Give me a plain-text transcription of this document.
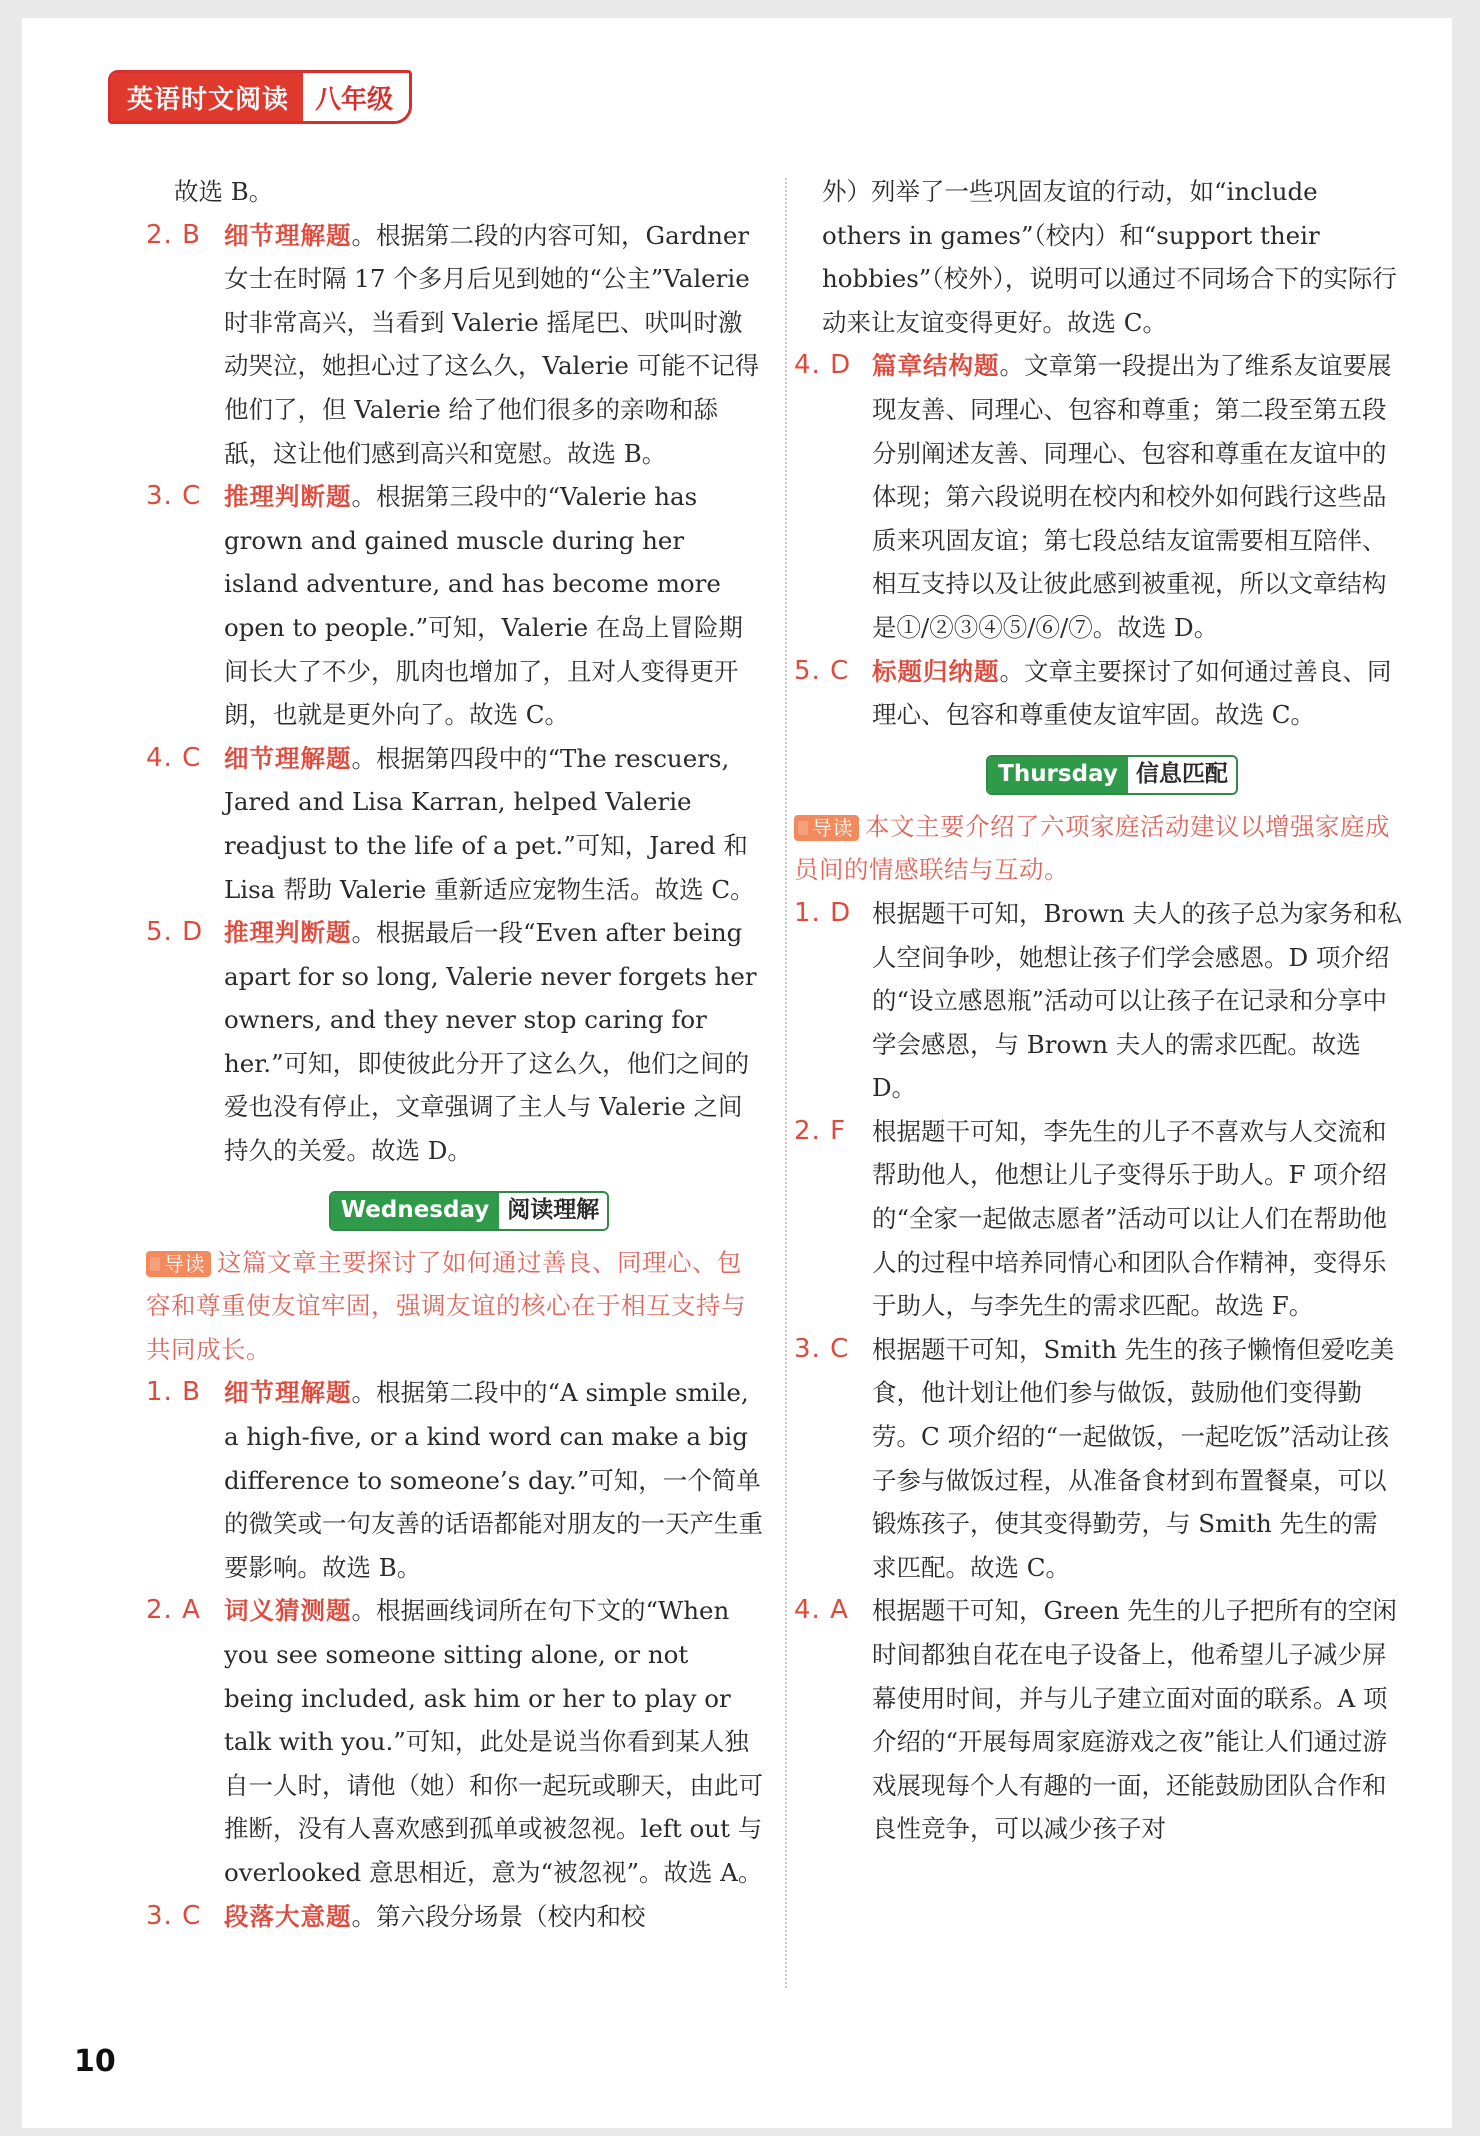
英语时文阅读	八年级
故选 B。
2. B 细节理解题。根据第二段的内容可知，Gardner 女士在时隔 17 个多月后见到她的“公主”Valerie 时非常高兴，当看到 Valerie 摇尾巴、吠叫时激动哭泣，她担心过了这么久，Valerie 可能不记得他们了，但 Valerie 给了他们很多的亲吻和舔舐，这让他们感到高兴和宽慰。故选 B。
3. C 推理判断题。根据第三段中的“Valerie has grown and gained muscle during her island adventure, and has become more open to people.”可知，Valerie 在岛上冒险期间长大了不少，肌肉也增加了，且对人变得更开朗，也就是更外向了。故选 C。
4. C 细节理解题。根据第四段中的“The rescuers, Jared and Lisa Karran, helped Valerie readjust to the life of a pet.”可知，Jared 和 Lisa 帮助 Valerie 重新适应宠物生活。故选 C。
5. D 推理判断题。根据最后一段“Even after being apart for so long, Valerie never forgets her owners, and they never stop caring for her.”可知，即使彼此分开了这么久，他们之间的爱也没有停止，文章强调了主人与 Valerie 之间持久的关爱。故选 D。
Wednesday 阅读理解
导读 这篇文章主要探讨了如何通过善良、同理心、包容和尊重使友谊牢固，强调友谊的核心在于相互支持与共同成长。
1. B 细节理解题。根据第二段中的“A simple smile, a high-five, or a kind word can make a big difference to someone’s day.”可知，一个简单的微笑或一句友善的话语都能对朋友的一天产生重要影响。故选 B。
2. A 词义猜测题。根据画线词所在句下文的“When you see someone sitting alone, or not being included, ask him or her to play or talk with you.”可知，此处是说当你看到某人独自一人时，请他（她）和你一起玩或聊天，由此可推断，没有人喜欢感到孤单或被忽视。left out 与 overlooked 意思相近，意为“被忽视”。故选 A。
3. C 段落大意题。第六段分场景（校内和校
外）列举了一些巩固友谊的行动，如“include others in games”（校内）和“support their hobbies”（校外），说明可以通过不同场合下的实际行动来让友谊变得更好。故选 C。
4. D 篇章结构题。文章第一段提出为了维系友谊要展现友善、同理心、包容和尊重；第二段至第五段分别阐述友善、同理心、包容和尊重在友谊中的体现；第六段说明在校内和校外如何践行这些品质来巩固友谊；第七段总结友谊需要相互陪伴、相互支持以及让彼此感到被重视，所以文章结构是①/②③④⑤/⑥/⑦。故选 D。
5. C 标题归纳题。文章主要探讨了如何通过善良、同理心、包容和尊重使友谊牢固。故选 C。
Thursday 信息匹配
导读 本文主要介绍了六项家庭活动建议以增强家庭成员间的情感联结与互动。
1. D 根据题干可知，Brown 夫人的孩子总为家务和私人空间争吵，她想让孩子们学会感恩。D 项介绍的“设立感恩瓶”活动可以让孩子在记录和分享中学会感恩，与 Brown 夫人的需求匹配。故选 D。
2. F 根据题干可知，李先生的儿子不喜欢与人交流和帮助他人，他想让儿子变得乐于助人。F 项介绍的“全家一起做志愿者”活动可以让人们在帮助他人的过程中培养同情心和团队合作精神，变得乐于助人，与李先生的需求匹配。故选 F。
3. C 根据题干可知，Smith 先生的孩子懒惰但爱吃美食，他计划让他们参与做饭，鼓励他们变得勤劳。C 项介绍的“一起做饭，一起吃饭”活动让孩子参与做饭过程，从准备食材到布置餐桌，可以锻炼孩子，使其变得勤劳，与 Smith 先生的需求匹配。故选 C。
4. A 根据题干可知，Green 先生的儿子把所有的空闲时间都独自花在电子设备上，他希望儿子减少屏幕使用时间，并与儿子建立面对面的联系。A 项介绍的“开展每周家庭游戏之夜”能让人们通过游戏展现每个人有趣的一面，还能鼓励团队合作和良性竞争，可以减少孩子对
10
